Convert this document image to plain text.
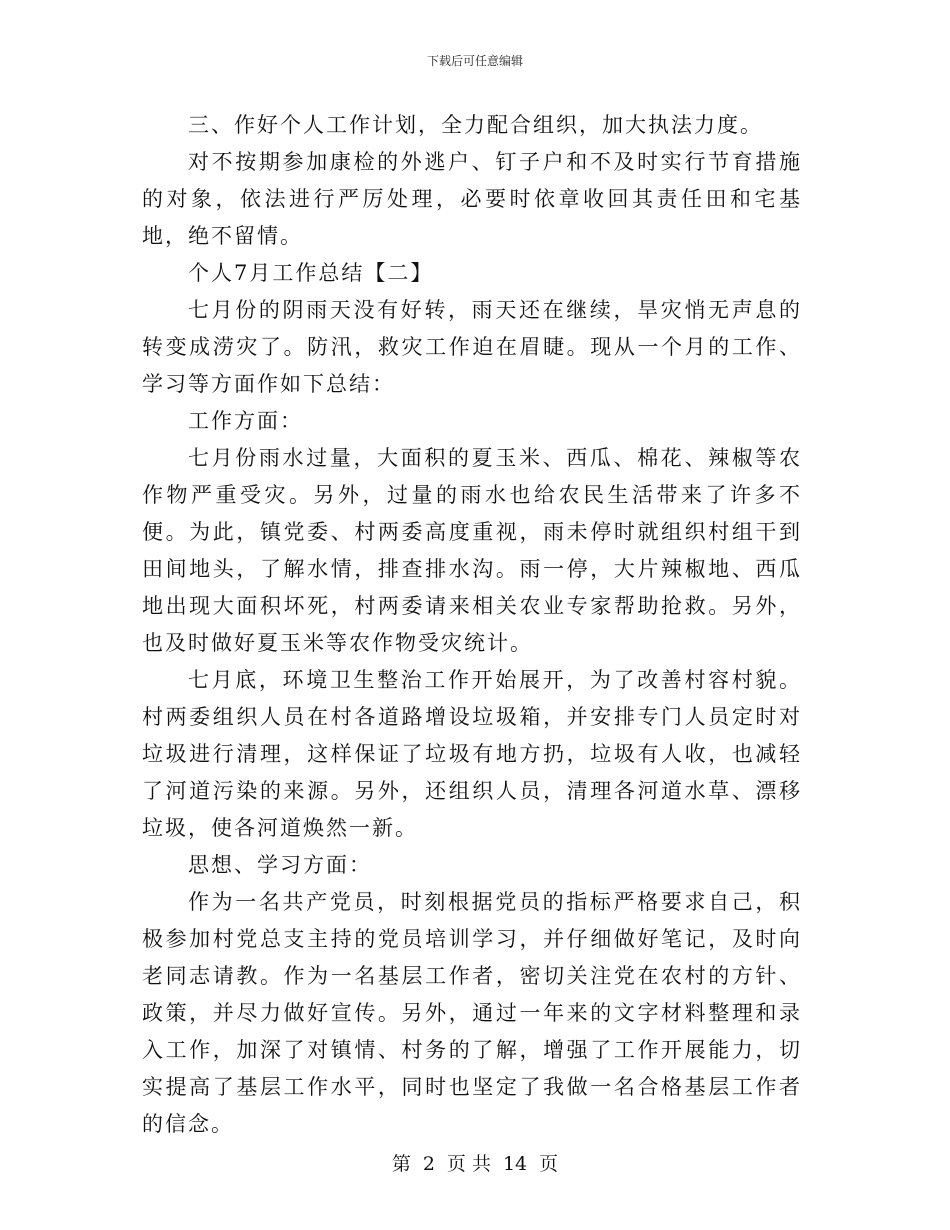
下载后可任意编辑

三、作好个人工作计划，全力配合组织，加大执法力度。

对不按期参加康检的外逃户、钉子户和不及时实行节育措施的对象，依法进行严厉处理，必要时依章收回其责任田和宅基地，绝不留情。

个人7月工作总结【二】

七月份的阴雨天没有好转，雨天还在继续，旱灾悄无声息的转变成涝灾了。防汛，救灾工作迫在眉睫。现从一个月的工作、学习等方面作如下总结：

工作方面：

七月份雨水过量，大面积的夏玉米、西瓜、棉花、辣椒等农作物严重受灾。另外，过量的雨水也给农民生活带来了许多不便。为此，镇党委、村两委高度重视，雨未停时就组织村组干到田间地头，了解水情，排查排水沟。雨一停，大片辣椒地、西瓜地出现大面积坏死，村两委请来相关农业专家帮助抢救。另外，也及时做好夏玉米等农作物受灾统计。

七月底，环境卫生整治工作开始展开，为了改善村容村貌。村两委组织人员在村各道路增设垃圾箱，并安排专门人员定时对垃圾进行清理，这样保证了垃圾有地方扔，垃圾有人收，也减轻了河道污染的来源。另外，还组织人员，清理各河道水草、漂移垃圾，使各河道焕然一新。

思想、学习方面：

作为一名共产党员，时刻根据党员的指标严格要求自己，积极参加村党总支主持的党员培训学习，并仔细做好笔记，及时向老同志请教。作为一名基层工作者，密切关注党在农村的方针、政策，并尽力做好宣传。另外，通过一年来的文字材料整理和录入工作，加深了对镇情、村务的了解，增强了工作开展能力，切实提高了基层工作水平，同时也坚定了我做一名合格基层工作者的信念。

第 2 页 共 14 页
